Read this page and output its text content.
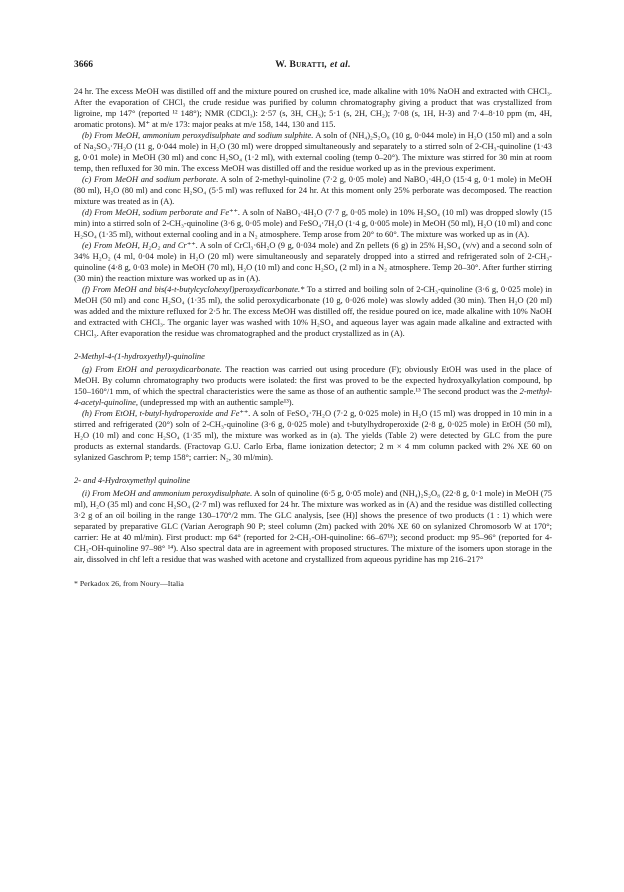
3666	W. Buratti, et al.

24 hr. The excess MeOH was distilled off and the mixture poured on crushed ice, made alkaline with 10% NaOH and extracted with CHCl₃. After the evaporation of CHCl₃ the crude residue was purified by column chromatography giving a product that was crystallized from ligroine, mp 147° (reported ¹² 148°); NMR (CDCl₃): 2·57 (s, 3H, CH₃); 5·1 (s, 2H, CH₂); 7·08 (s, 1H, H-3) and 7·4–8·10 ppm (m, 4H, aromatic protons). M⁺ at m/e 173: major peaks at m/e 158, 144, 130 and 115.

(b) From MeOH, ammonium peroxydisulphate and sodium sulphite. A soln of (NH₄)₂S₂O₈ (10 g, 0·044 mole) in H₂O (150 ml) and a soln of Na₂SO₃·7H₂O (11 g, 0·044 mole) in H₂O (30 ml) were dropped simultaneously and separately to a stirred soln of 2-CH₃-quinoline (1·43 g, 0·01 mole) in MeOH (30 ml) and conc H₂SO₄ (1·2 ml), with external cooling (temp 0–20°). The mixture was stirred for 30 min at room temp, then refluxed for 30 min. The excess MeOH was distilled off and the residue worked up as in the previous experiment.

(c) From MeOH and sodium perborate. A soln of 2-methyl-quinoline (7·2 g, 0·05 mole) and NaBO₃·4H₂O (15·4 g, 0·1 mole) in MeOH (80 ml), H₂O (80 ml) and conc H₂SO₄ (5·5 ml) was refluxed for 24 hr. At this moment only 25% perborate was decomposed. The reaction mixture was treated as in (A).

(d) From MeOH, sodium perborate and Fe⁺⁺. A soln of NaBO₃·4H₂O (7·7 g, 0·05 mole) in 10% H₂SO₄ (10 ml) was dropped slowly (15 min) into a stirred soln of 2-CH₃-quinoline (3·6 g, 0·05 mole) and FeSO₄·7H₂O (1·4 g, 0·005 mole) in MeOH (50 ml), H₂O (10 ml) and conc H₂SO₄ (1·35 ml), without external cooling and in a N₂ atmosphere. Temp arose from 20° to 60°. The mixture was worked up as in (A).

(e) From MeOH, H₂O₂ and Cr⁺⁺. A soln of CrCl₃·6H₂O (9 g, 0·034 mole) and Zn pellets (6 g) in 25% H₂SO₄ (v/v) and a second soln of 34% H₂O₂ (4 ml, 0·04 mole) in H₂O (20 ml) were simultaneously and separately dropped into a stirred and refrigerated soln of 2-CH₃-quinoline (4·8 g, 0·03 mole) in MeOH (70 ml), H₂O (10 ml) and conc H₂SO₄ (2 ml) in a N₂ atmosphere. Temp 20–30°. After further stirring (30 min) the reaction mixture was worked up as in (A).

(f) From MeOH and bis(4-t-butylcyclohexyl)peroxydicarbonate.* To a stirred and boiling soln of 2-CH₃-quinoline (3·6 g, 0·025 mole) in MeOH (50 ml) and conc H₂SO₄ (1·35 ml), the solid peroxydicarbonate (10 g, 0·026 mole) was slowly added (30 min). Then H₂O (20 ml) was added and the mixture refluxed for 2·5 hr. The excess MeOH was distilled off, the residue poured on ice, made alkaline with 10% NaOH and extracted with CHCl₃. The organic layer was washed with 10% H₂SO₄ and aqueous layer was again made alkaline and extracted with CHCl₃. After evaporation the residue was chromatographed and the product crystallized as in (A).

2-Methyl-4-(1-hydroxyethyl)-quinoline

(g) From EtOH and peroxydicarbonate. The reaction was carried out using procedure (F); obviously EtOH was used in the place of MeOH. By column chromatography two products were isolated: the first was proved to be the expected hydroxyalkylation compound, bp 150–160°/1 mm, of which the spectral characteristics were the same as those of an authentic sample.¹³ The second product was the 2-methyl-4-acetyl-quinoline, (undepressed mp with an authentic sample¹³).

(h) From EtOH, t-butyl-hydroperoxide and Fe⁺⁺. A soln of FeSO₄·7H₂O (7·2 g, 0·025 mole) in H₂O (15 ml) was dropped in 10 min in a stirred and refrigerated (20°) soln of 2-CH₃-quinoline (3·6 g, 0·025 mole) and t-butylhydroperoxide (2·8 g, 0·025 mole) in EtOH (50 ml), H₂O (10 ml) and conc H₂SO₄ (1·35 ml), the mixture was worked as in (a). The yields (Table 2) were detected by GLC from the pure products as external standards. (Fractovap G.U. Carlo Erba, flame ionization detector; 2 m × 4 mm column packed with 2% XE 60 on sylanized Gaschrom P; temp 158°; carrier: N₂, 30 ml/min).

2- and 4-Hydroxymethyl quinoline

(i) From MeOH and ammonium peroxydisulphate. A soln of quinoline (6·5 g, 0·05 mole) and (NH₄)₂S₂O₈ (22·8 g, 0·1 mole) in MeOH (75 ml), H₂O (35 ml) and conc H₂SO₄ (2·7 ml) was refluxed for 24 hr. The mixture was worked as in (A) and the residue was distilled collecting 3·2 g of an oil boiling in the range 130–170°/2 mm. The GLC analysis, [see (H)] shows the presence of two products (1 : 1) which were separated by preparative GLC (Varian Aerograph 90 P; steel column (2m) packed with 20% XE 60 on sylanized Chromosorb W at 170°; carrier: He at 40 ml/min). First product: mp 64° (reported for 2-CH₂-OH-quinoline: 66–67¹³); second product: mp 95–96° (reported for 4-CH₂-OH-quinoline 97–98° ¹⁴). Also spectral data are in agreement with proposed structures. The mixture of the isomers upon storage in the air, dissolved in chf left a residue that was washed with acetone and crystallized from aqueous pyridine has mp 216–217°

* Perkadox 26, from Noury—Italia
